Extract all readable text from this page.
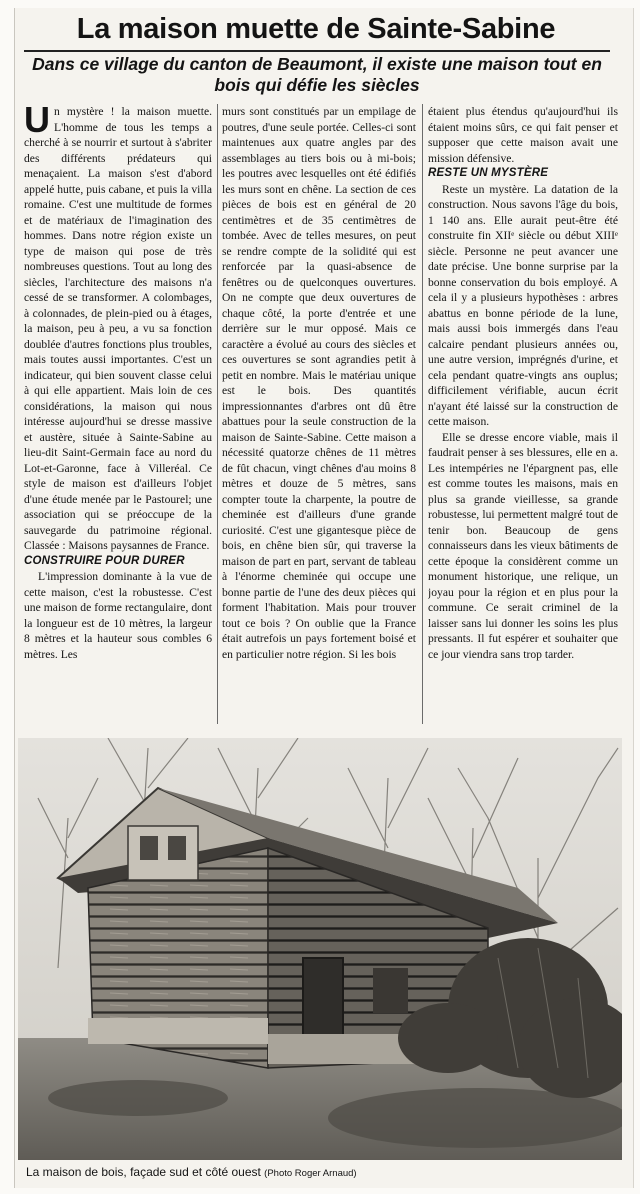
La maison muette de Sainte-Sabine
Dans ce village du canton de Beaumont, il existe une maison tout en bois qui défie les siècles

Un mystère ! la maison muette. L'homme de tous les temps a cherché à se nourrir et surtout à s'abriter des différents prédateurs qui menaçaient. La maison s'est d'abord appelé hutte, puis cabane, et puis la villa romaine. C'est une multitude de formes et de matériaux de l'imagination des hommes. Dans notre région existe un type de maison qui pose de très nombreuses questions. Tout au long des siècles, l'architecture des maisons n'a cessé de se transformer. A colombages, à colonnades, de plein-pied ou à étages, la maison, peu à peu, a vu sa fonction doublée d'autres fonctions plus troubles, mais toutes aussi importantes. C'est un indicateur, qui bien souvent classe celui à qui elle appartient. Mais loin de ces considérations, la maison qui nous intéresse aujourd'hui se dresse massive et austère, située à Sainte-Sabine au lieu-dit Saint-Germain face au nord du Lot-et-Garonne, face à Villeréal. Ce style de maison est d'ailleurs l'objet d'une étude menée par le Pastourel; une association qui se préoccupe de la sauvegarde du patrimoine régional. Classée : Maisons paysannes de France.

CONSTRUIRE POUR DURER

L'impression dominante à la vue de cette maison, c'est la robustesse. C'est une maison de forme rectangulaire, dont la longueur est de 10 mètres, la largeur 8 mètres et la hauteur sous combles 6 mètres. Les

murs sont constitués par un empilage de poutres, d'une seule portée. Celles-ci sont maintenues aux quatre angles par des assemblages au tiers bois ou à mi-bois; les poutres avec lesquelles ont été édifiés les murs sont en chêne. La section de ces pièces de bois est en général de 20 centimètres et de 35 centimètres de tombée. Avec de telles mesures, on peut se rendre compte de la solidité qui est renforcée par la quasi-absence de fenêtres ou de quelconques ouvertures. On ne compte que deux ouvertures de chaque côté, la porte d'entrée et une derrière sur le mur opposé. Mais ce caractère a évolué au cours des siècles et ces ouvertures se sont agrandies petit à petit en nombre. Mais le matériau unique est le bois. Des quantités impressionnantes d'arbres ont dû être abattues pour la seule construction de la maison de Sainte-Sabine. Cette maison a nécessité quatorze chênes de 11 mètres de fût chacun, vingt chênes d'au moins 8 mètres et douze de 5 mètres, sans compter toute la charpente, la poutre de cheminée est d'ailleurs d'une grande curiosité. C'est une gigantesque pièce de bois, en chêne bien sûr, qui traverse la maison de part en part, servant de tableau à l'énorme cheminée qui occupe une bonne partie de l'une des deux pièces qui forment l'habitation. Mais pour trouver tout ce bois ? On oublie que la France était autrefois un pays fortement boisé et en particulier notre région. Si les bois

étaient plus étendus qu'aujourd'hui ils étaient moins sûrs, ce qui fait penser et supposer que cette maison avait une mission défensive.

RESTE UN MYSTÈRE

Reste un mystère. La datation de la construction. Nous savons l'âge du bois, 1 140 ans. Elle aurait peut-être été construite fin XIIᵉ siècle ou début XIIIᵉ siècle. Personne ne peut avancer une date précise. Une bonne surprise par la bonne conservation du bois employé. A cela il y a plusieurs hypothèses : arbres abattus en bonne période de la lune, mais aussi bois immergés dans l'eau calcaire pendant plusieurs années ou, une autre version, imprégnés d'urine, et cela pendant quatre-vingts ans ouplus; difficilement vérifiable, aucun écrit n'ayant été laissé sur la construction de cette maison.

Elle se dresse encore viable, mais il faudrait penser à ses blessures, elle en a. Les intempéries ne l'épargnent pas, elle est comme toutes les maisons, mais en plus sa grande vieillesse, sa grande robustesse, lui permettent malgré tout de tenir bon. Beaucoup de gens connaisseurs dans les vieux bâtiments de cette époque la considèrent comme un monument historique, une relique, un joyau pour la région et en plus pour la commune. Ce serait criminel de la laisser sans lui donner les soins les plus pressants. Il fut espérer et souhaiter que ce jour viendra sans trop tarder.

La maison de bois, façade sud et côté ouest (Photo Roger Arnaud)
